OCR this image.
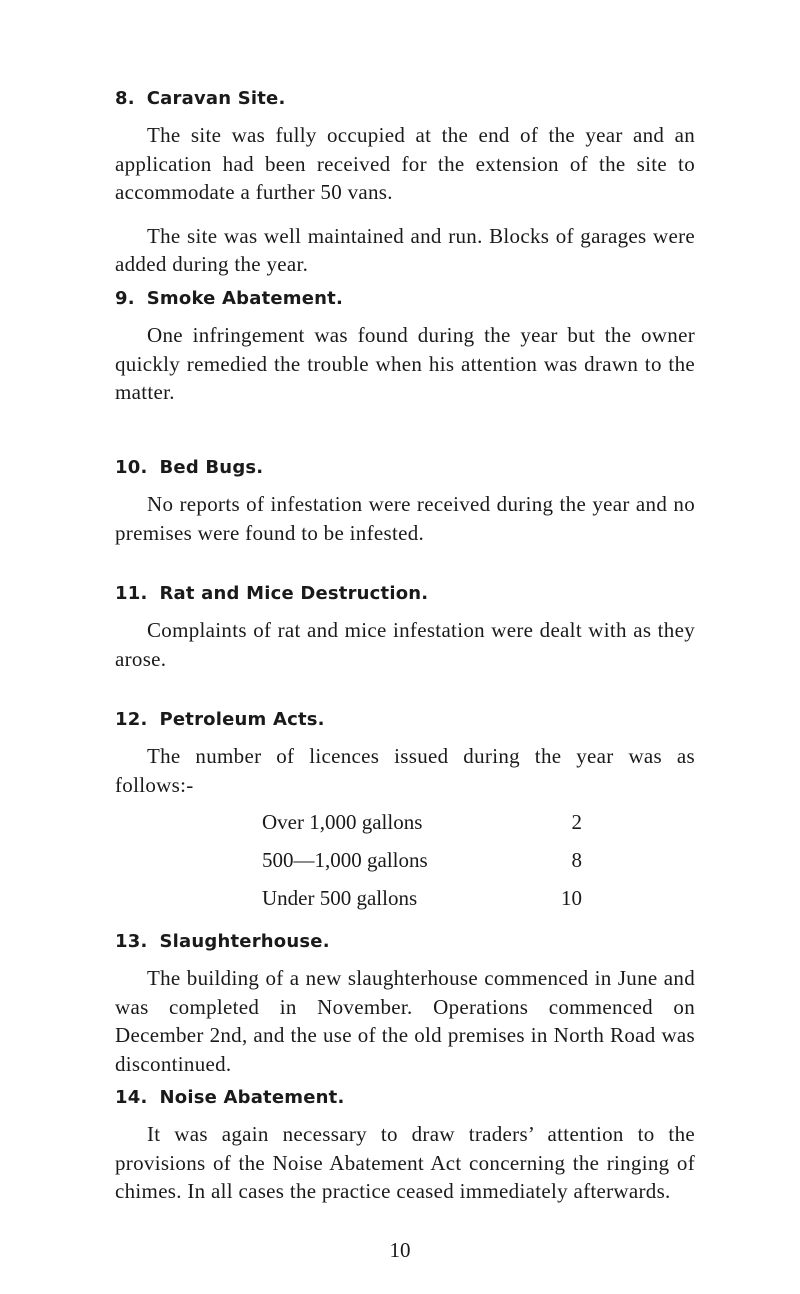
8. Caravan Site.

The site was fully occupied at the end of the year and an application had been received for the extension of the site to accommodate a further 50 vans.

The site was well maintained and run. Blocks of garages were added during the year.

9. Smoke Abatement.

One infringement was found during the year but the owner quickly remedied the trouble when his attention was drawn to the matter.

10. Bed Bugs.

No reports of infestation were received during the year and no premises were found to be infested.

11. Rat and Mice Destruction.

Complaints of rat and mice infestation were dealt with as they arose.

12. Petroleum Acts.

The number of licences issued during the year was as follows:-

Over 1,000 gallons	2
500—1,000 gallons	8
Under 500 gallons	10
13. Slaughterhouse.

The building of a new slaughterhouse commenced in June and was completed in November. Operations commenced on December 2nd, and the use of the old premises in North Road was discontinued.

14. Noise Abatement.

It was again necessary to draw traders’ attention to the provisions of the Noise Abatement Act concerning the ringing of chimes. In all cases the practice ceased immediately afterwards.

10
